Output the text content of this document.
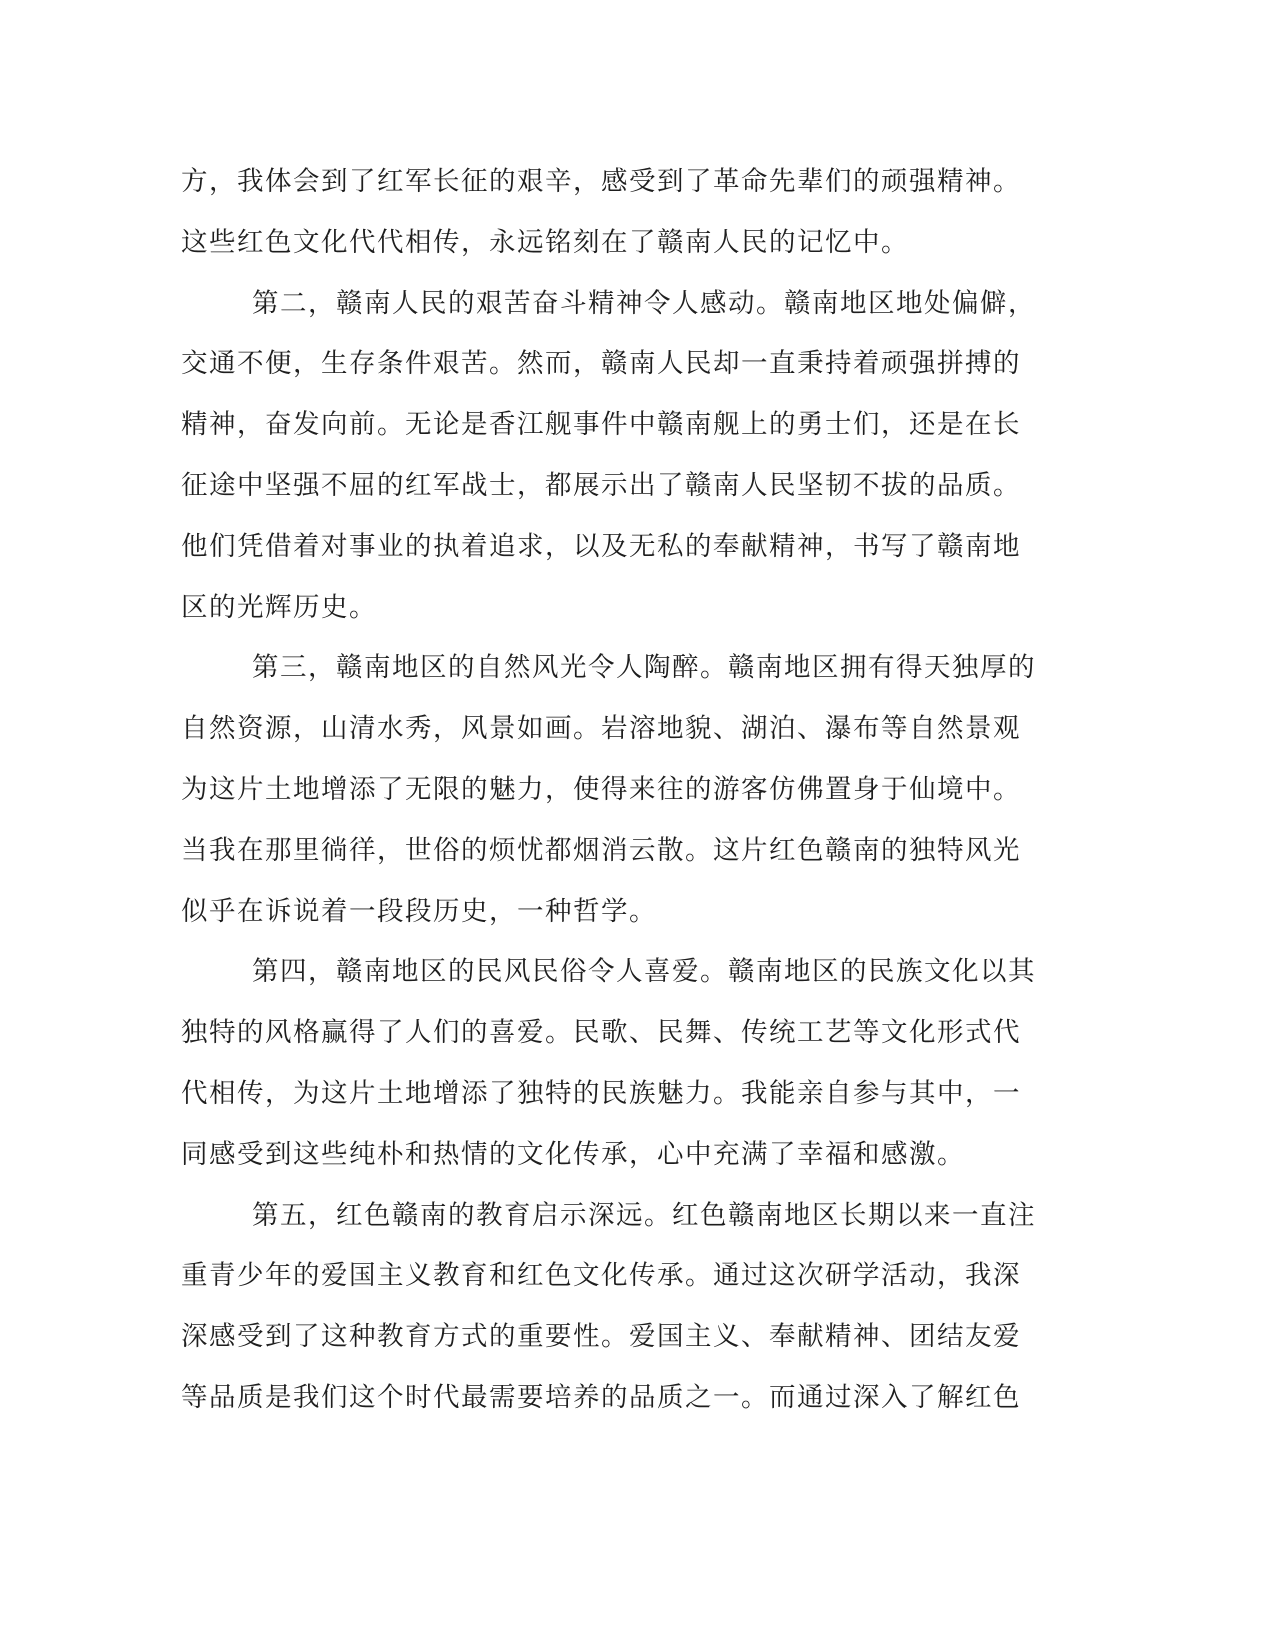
方，我体会到了红军长征的艰辛，感受到了革命先辈们的顽强精神。
这些红色文化代代相传，永远铭刻在了赣南人民的记忆中。
第二，赣南人民的艰苦奋斗精神令人感动。赣南地区地处偏僻，
交通不便，生存条件艰苦。然而，赣南人民却一直秉持着顽强拼搏的
精神，奋发向前。无论是香江舰事件中赣南舰上的勇士们，还是在长
征途中坚强不屈的红军战士，都展示出了赣南人民坚韧不拔的品质。
他们凭借着对事业的执着追求，以及无私的奉献精神，书写了赣南地
区的光辉历史。
第三，赣南地区的自然风光令人陶醉。赣南地区拥有得天独厚的
自然资源，山清水秀，风景如画。岩溶地貌、湖泊、瀑布等自然景观
为这片土地增添了无限的魅力，使得来往的游客仿佛置身于仙境中。
当我在那里徜徉，世俗的烦忧都烟消云散。这片红色赣南的独特风光
似乎在诉说着一段段历史，一种哲学。
第四，赣南地区的民风民俗令人喜爱。赣南地区的民族文化以其
独特的风格赢得了人们的喜爱。民歌、民舞、传统工艺等文化形式代
代相传，为这片土地增添了独特的民族魅力。我能亲自参与其中，一
同感受到这些纯朴和热情的文化传承，心中充满了幸福和感激。
第五，红色赣南的教育启示深远。红色赣南地区长期以来一直注
重青少年的爱国主义教育和红色文化传承。通过这次研学活动，我深
深感受到了这种教育方式的重要性。爱国主义、奉献精神、团结友爱
等品质是我们这个时代最需要培养的品质之一。而通过深入了解红色
